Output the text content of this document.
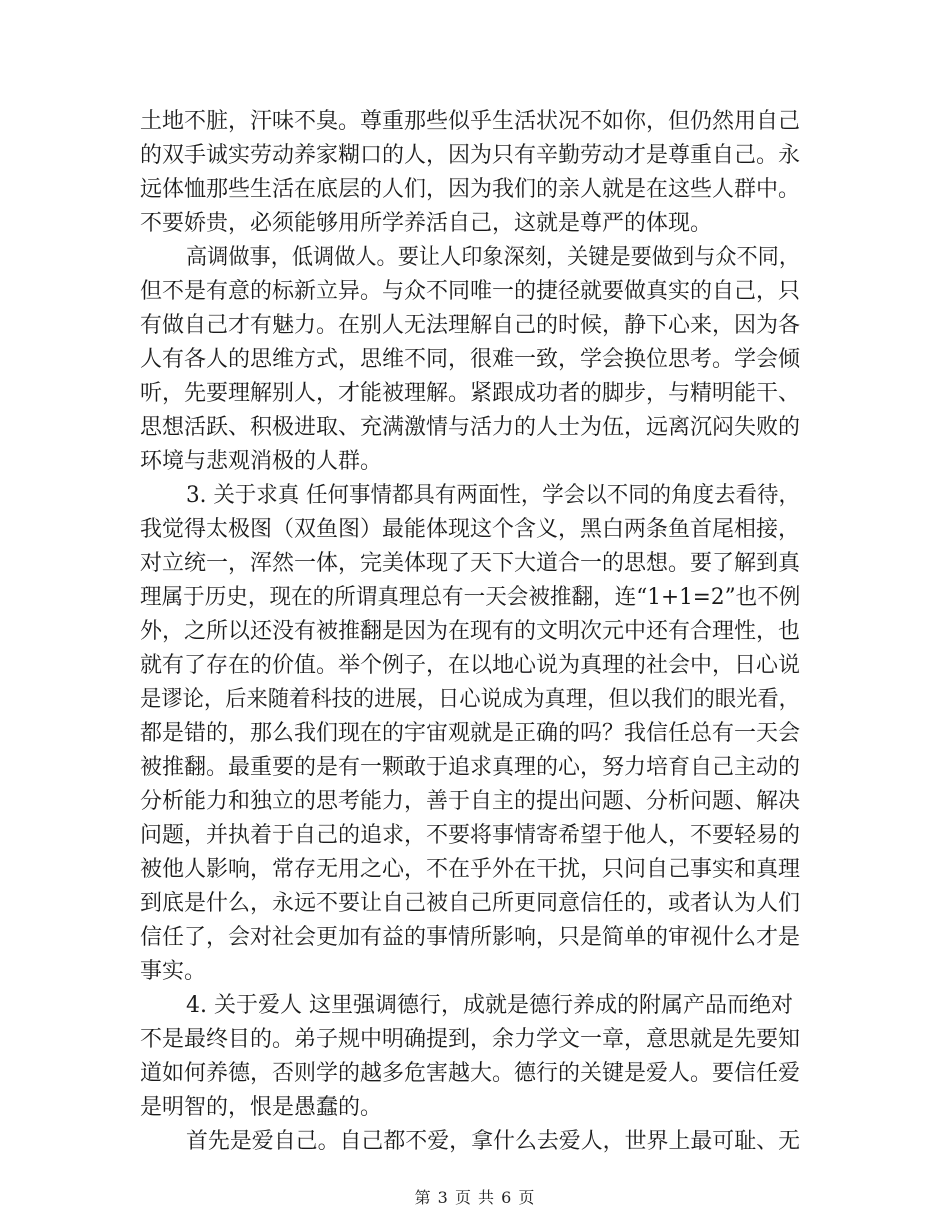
土地不脏，汗味不臭。尊重那些似乎生活状况不如你，但仍然用自己
的双手诚实劳动养家糊口的人，因为只有辛勤劳动才是尊重自己。永
远体恤那些生活在底层的人们，因为我们的亲人就是在这些人群中。
不要娇贵，必须能够用所学养活自己，这就是尊严的体现。
高调做事，低调做人。要让人印象深刻，关键是要做到与众不同，
但不是有意的标新立异。与众不同唯一的捷径就要做真实的自己，只
有做自己才有魅力。在别人无法理解自己的时候，静下心来，因为各
人有各人的思维方式，思维不同，很难一致，学会换位思考。学会倾
听，先要理解别人，才能被理解。紧跟成功者的脚步，与精明能干、
思想活跃、积极进取、充满激情与活力的人士为伍，远离沉闷失败的
环境与悲观消极的人群。
3. 关于求真 任何事情都具有两面性，学会以不同的角度去看待，
我觉得太极图（双鱼图）最能体现这个含义，黑白两条鱼首尾相接，
对立统一，浑然一体，完美体现了天下大道合一的思想。要了解到真
理属于历史，现在的所谓真理总有一天会被推翻，连“1+1=2”也不例
外，之所以还没有被推翻是因为在现有的文明次元中还有合理性，也
就有了存在的价值。举个例子，在以地心说为真理的社会中，日心说
是谬论，后来随着科技的进展，日心说成为真理，但以我们的眼光看，
都是错的，那么我们现在的宇宙观就是正确的吗？我信任总有一天会
被推翻。最重要的是有一颗敢于追求真理的心，努力培育自己主动的
分析能力和独立的思考能力，善于自主的提出问题、分析问题、解决
问题，并执着于自己的追求，不要将事情寄希望于他人，不要轻易的
被他人影响，常存无用之心，不在乎外在干扰，只问自己事实和真理
到底是什么，永远不要让自己被自己所更同意信任的，或者认为人们
信任了，会对社会更加有益的事情所影响，只是简单的审视什么才是
事实。
4. 关于爱人 这里强调德行，成就是德行养成的附属产品而绝对
不是最终目的。弟子规中明确提到，余力学文一章，意思就是先要知
道如何养德，否则学的越多危害越大。德行的关键是爱人。要信任爱
是明智的，恨是愚蠢的。
首先是爱自己。自己都不爱，拿什么去爱人，世界上最可耻、无
第 3 页 共 6 页
